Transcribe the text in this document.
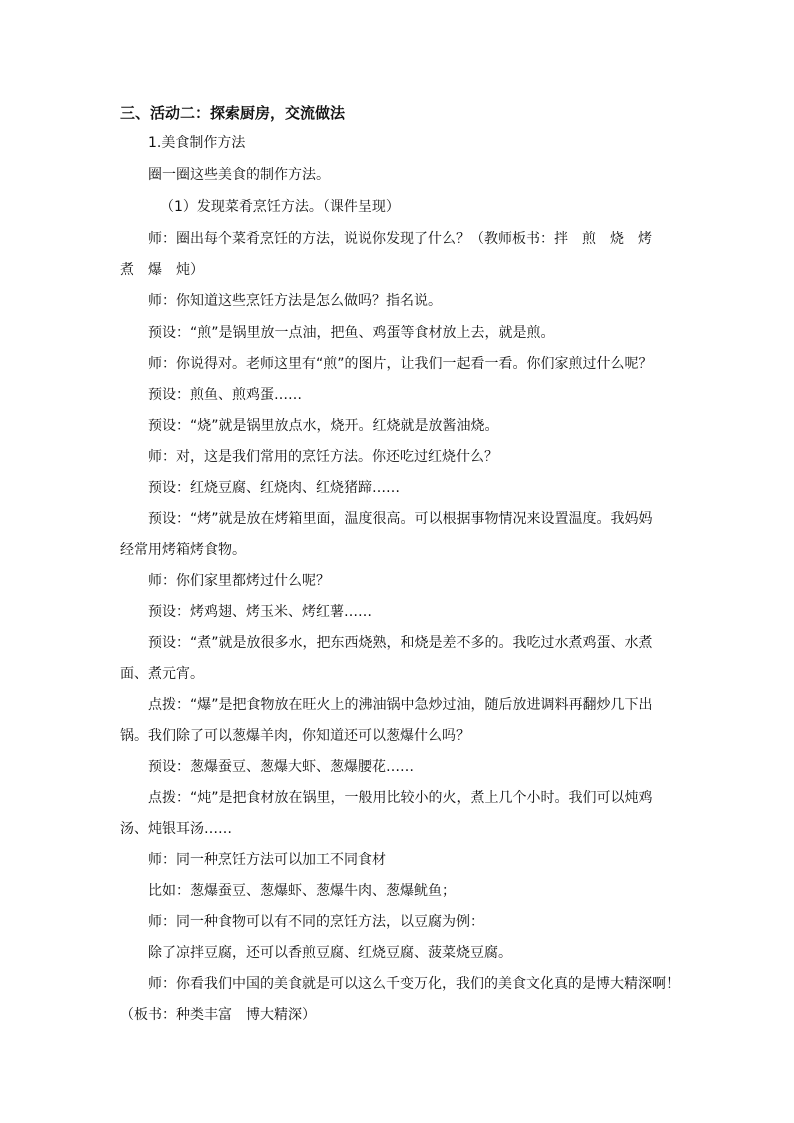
三、活动二：探索厨房，交流做法
1.美食制作方法
圈一圈这些美食的制作方法。
（1）发现菜肴烹饪方法。（课件呈现）
师：圈出每个菜肴烹饪的方法，说说你发现了什么？（教师板书：拌　煎　烧　烤
煮　爆　炖）
师：你知道这些烹饪方法是怎么做吗？指名说。
预设：“煎”是锅里放一点油，把鱼、鸡蛋等食材放上去，就是煎。
师：你说得对。老师这里有“煎”的图片，让我们一起看一看。你们家煎过什么呢？
预设：煎鱼、煎鸡蛋……
预设：“烧”就是锅里放点水，烧开。红烧就是放酱油烧。
师：对，这是我们常用的烹饪方法。你还吃过红烧什么？
预设：红烧豆腐、红烧肉、红烧猪蹄……
预设：“烤”就是放在烤箱里面，温度很高。可以根据事物情况来设置温度。我妈妈
经常用烤箱烤食物。
师：你们家里都烤过什么呢？
预设：烤鸡翅、烤玉米、烤红薯……
预设：“煮”就是放很多水，把东西烧熟，和烧是差不多的。我吃过水煮鸡蛋、水煮
面、煮元宵。
点拨：“爆”是把食物放在旺火上的沸油锅中急炒过油，随后放进调料再翻炒几下出
锅。我们除了可以葱爆羊肉，你知道还可以葱爆什么吗？
预设：葱爆蚕豆、葱爆大虾、葱爆腰花……
点拨：“炖”是把食材放在锅里，一般用比较小的火，煮上几个小时。我们可以炖鸡
汤、炖银耳汤……
师：同一种烹饪方法可以加工不同食材
比如：葱爆蚕豆、葱爆虾、葱爆牛肉、葱爆鱿鱼；
师：同一种食物可以有不同的烹饪方法，以豆腐为例：
除了凉拌豆腐，还可以香煎豆腐、红烧豆腐、菠菜烧豆腐。
师：你看我们中国的美食就是可以这么千变万化，我们的美食文化真的是博大精深啊！
（板书：种类丰富　博大精深）
